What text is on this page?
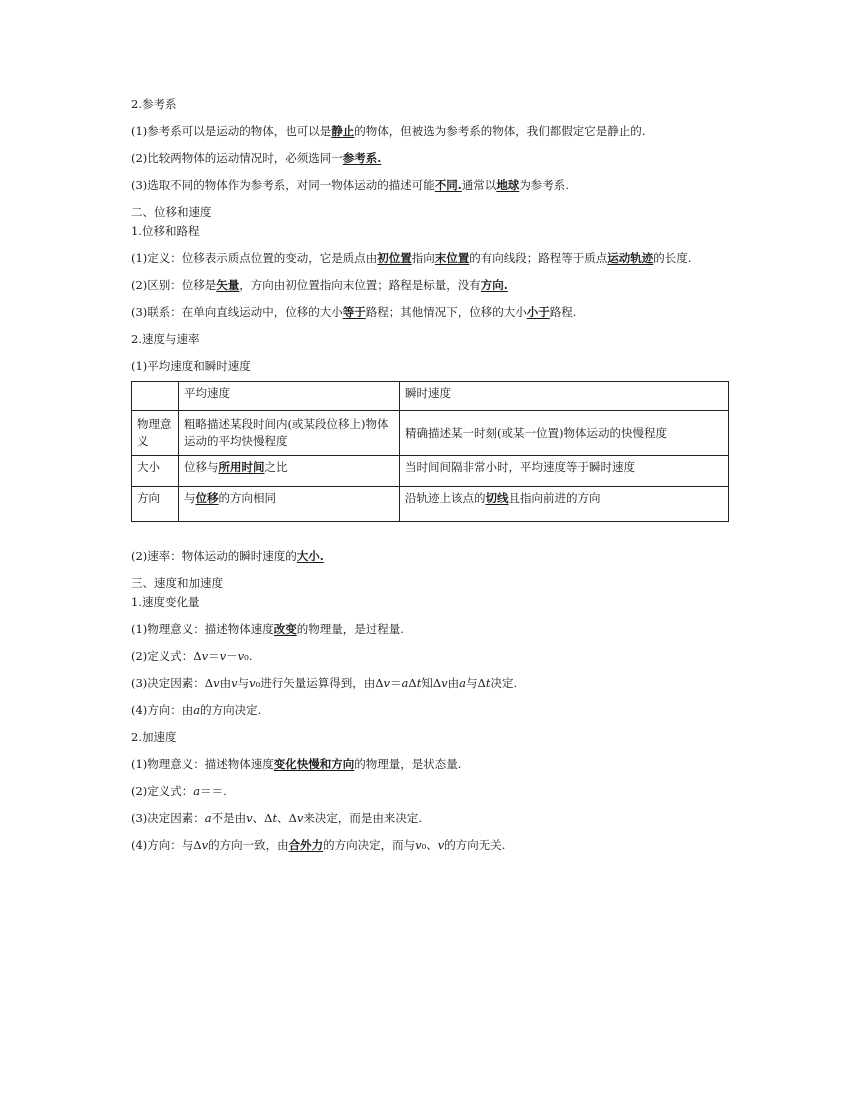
2.参考系
(1)参考系可以是运动的物体，也可以是静止的物体，但被选为参考系的物体，我们都假定它是静止的.
(2)比较两物体的运动情况时，必须选同一参考系.
(3)选取不同的物体作为参考系，对同一物体运动的描述可能不同.通常以地球为参考系.
二、位移和速度
1.位移和路程
(1)定义：位移表示质点位置的变动，它是质点由初位置指向末位置的有向线段；路程等于质点运动轨迹的长度.
(2)区别：位移是矢量，方向由初位置指向末位置；路程是标量，没有方向.
(3)联系：在单向直线运动中，位移的大小等于路程；其他情况下，位移的大小小于路程.
2.速度与速率
(1)平均速度和瞬时速度
	平均速度	瞬时速度
物理意义	粗略描述某段时间内(或某段位移上)物体运动的平均快慢程度	精确描述某一时刻(或某一位置)物体运动的快慢程度
大小	位移与所用时间之比	当时间间隔非常小时，平均速度等于瞬时速度
方向	与位移的方向相同	沿轨迹上该点的切线且指向前进的方向
(2)速率：物体运动的瞬时速度的大小.
三、速度和加速度
1.速度变化量
(1)物理意义：描述物体速度改变的物理量，是过程量.
(2)定义式：Δv＝v－v₀.
(3)决定因素：Δv由v与v₀进行矢量运算得到，由Δv＝aΔt知Δv由a与Δt决定.
(4)方向：由a的方向决定.
2.加速度
(1)物理意义：描述物体速度变化快慢和方向的物理量，是状态量.
(2)定义式：a＝＝.
(3)决定因素：a不是由v、Δt、Δv来决定，而是由来决定.
(4)方向：与Δv的方向一致，由合外力的方向决定，而与v₀、v的方向无关.
